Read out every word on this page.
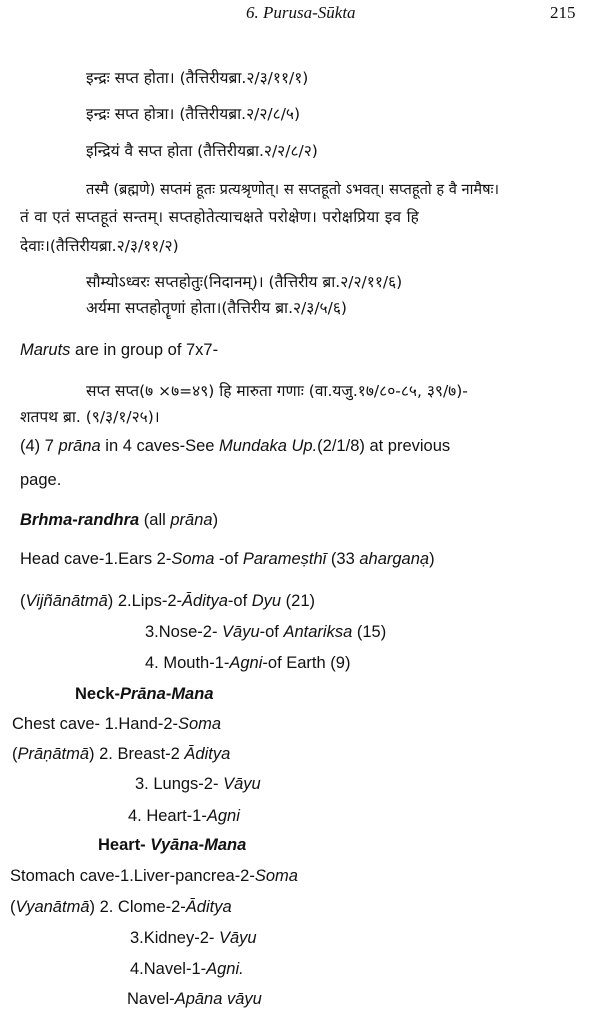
6. Purusa-Sūkta	215
इन्द्रः सप्त होता। (तैत्तिरीयब्रा.२/३/११/१)
इन्द्रः सप्त होत्रा। (तैत्तिरीयब्रा.२/२/८/५)
इन्द्रियं वै सप्त होता (तैत्तिरीयब्रा.२/२/८/२)
तस्मै (ब्रह्मणे) सप्तमं हूतः प्रत्यश्रृणोत्। स सप्तहूतो ऽभवत्। सप्तहूतो ह वै नामैषः।
तं वा एतं सप्तहूतं सन्तम्। सप्तहोतेत्याचक्षते परोक्षेण। परोक्षप्रिया इव हि
देवाः।(तैत्तिरीयब्रा.२/३/११/२)
सौम्योऽध्वरः सप्तहोतुः(निदानम्)। (तैत्तिरीय ब्रा.२/२/११/६)
अर्यमा सप्तहोतॄणां होता।(तैत्तिरीय ब्रा.२/३/५/६)
Maruts are in group of 7x7-
सप्त सप्त(७ ×७=४९) हि मारुता गणाः (वा.यजु.१७/८०-८५, ३९/७)-
शतपथ ब्रा. (९/३/१/२५)।
(4) 7 prāna in 4 caves-See Mundaka Up.(2/1/8) at previous
page.
Brhma-randhra (all prāna)
Head cave-1.Ears 2-Soma -of Parameṣthī (33 aharganạ)
(Vijñānātmā) 2.Lips-2-Āditya-of Dyu (21)
3.Nose-2- Vāyu-of Antariksa (15)
4. Mouth-1-Agni-of Earth (9)
Neck-Prāna-Mana
Chest cave- 1.Hand-2-Soma
(Prāṇātmā) 2. Breast-2 Āditya
3. Lungs-2- Vāyu
4. Heart-1-Agni
Heart- Vyāna-Mana
Stomach cave-1.Liver-pancrea-2-Soma
(Vyanātmā) 2. Clome-2-Āditya
3.Kidney-2- Vāyu
4.Navel-1-Agni.
Navel-Apāna vāyu
